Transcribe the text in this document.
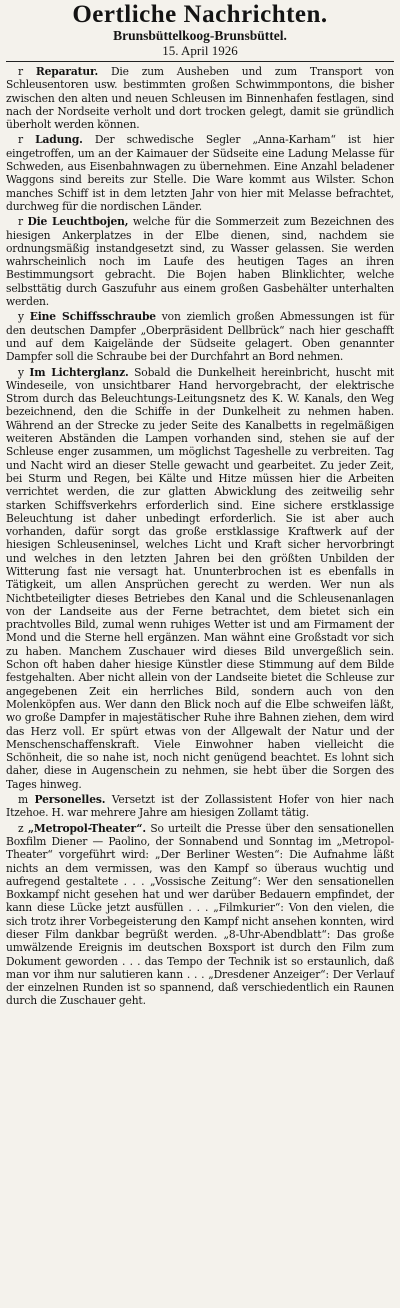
Oertliche Nachrichten.
Brunsbüttelkoog-Brunsbüttel.
15. April 1926

r Reparatur. Die zum Ausheben und zum Transport von Schleusentoren usw. bestimmten großen Schwimmpontons, die bisher zwischen den alten und neuen Schleusen im Binnenhafen festlagen, sind nach der Nordseite verholt und dort trocken gelegt, damit sie gründlich überholt werden können.

r Ladung. Der schwedische Segler „Anna-Karham“ ist hier eingetroffen, um an der Kaimauer der Südseite eine Ladung Melasse für Schweden, aus Eisenbahnwagen zu übernehmen. Eine Anzahl beladener Waggons sind bereits zur Stelle. Die Ware kommt aus Wilster. Schon manches Schiff ist in dem letzten Jahr von hier mit Melasse befrachtet, durchweg für die nordischen Länder.

r Die Leuchtbojen, welche für die Sommerzeit zum Bezeichnen des hiesigen Ankerplatzes in der Elbe dienen, sind, nachdem sie ordnungsmäßig instandgesetzt sind, zu Wasser gelassen. Sie werden wahrscheinlich noch im Laufe des heutigen Tages an ihren Bestimmungsort gebracht. Die Bojen haben Blinklichter, welche selbsttätig durch Gaszufuhr aus einem großen Gasbehälter unterhalten werden.

y Eine Schiffsschraube von ziemlich großen Abmessungen ist für den deutschen Dampfer „Oberpräsident Dellbrück“ nach hier geschafft und auf dem Kaigelände der Südseite gelagert. Oben genannter Dampfer soll die Schraube bei der Durchfahrt an Bord nehmen.

y Im Lichterglanz. Sobald die Dunkelheit hereinbricht, huscht mit Windeseile, von unsichtbarer Hand hervorgebracht, der elektrische Strom durch das Beleuchtungs-Leitungsnetz des K. W. Kanals, den Weg bezeichnend, den die Schiffe in der Dunkelheit zu nehmen haben. Während an der Strecke zu jeder Seite des Kanalbetts in regelmäßigen weiteren Abständen die Lampen vorhanden sind, stehen sie auf der Schleuse enger zusammen, um möglichst Tageshelle zu verbreiten. Tag und Nacht wird an dieser Stelle gewacht und gearbeitet. Zu jeder Zeit, bei Sturm und Regen, bei Kälte und Hitze müssen hier die Arbeiten verrichtet werden, die zur glatten Abwicklung des zeitweilig sehr starken Schiffsverkehrs erforderlich sind. Eine sichere erstklassige Beleuchtung ist daher unbedingt erforderlich. Sie ist aber auch vorhanden, dafür sorgt das große erstklassige Kraftwerk auf der hiesigen Schleuseninsel, welches Licht und Kraft sicher hervorbringt und welches in den letzten Jahren bei den größten Unbilden der Witterung fast nie versagt hat. Ununterbrochen ist es ebenfalls in Tätigkeit, um allen Ansprüchen gerecht zu werden. Wer nun als Nichtbeteiligter dieses Betriebes den Kanal und die Schleusenanlagen von der Landseite aus der Ferne betrachtet, dem bietet sich ein prachtvolles Bild, zumal wenn ruhiges Wetter ist und am Firmament der Mond und die Sterne hell ergänzen. Man wähnt eine Großstadt vor sich zu haben. Manchem Zuschauer wird dieses Bild unvergeßlich sein. Schon oft haben daher hiesige Künstler diese Stimmung auf dem Bilde festgehalten. Aber nicht allein von der Landseite bietet die Schleuse zur angegebenen Zeit ein herrliches Bild, sondern auch von den Molenköpfen aus. Wer dann den Blick noch auf die Elbe schweifen läßt, wo große Dampfer in majestätischer Ruhe ihre Bahnen ziehen, dem wird das Herz voll. Er spürt etwas von der Allgewalt der Natur und der Menschenschaffenskraft. Viele Einwohner haben vielleicht die Schönheit, die so nahe ist, noch nicht genügend beachtet. Es lohnt sich daher, diese in Augenschein zu nehmen, sie hebt über die Sorgen des Tages hinweg.

m Personelles. Versetzt ist der Zollassistent Hofer von hier nach Itzehoe. H. war mehrere Jahre am hiesigen Zollamt tätig.

z „Metropol-Theater“. So urteilt die Presse über den sensationellen Boxfilm Diener — Paolino, der Sonnabend und Sonntag im „Metropol-Theater“ vorgeführt wird: „Der Berliner Westen“: Die Aufnahme läßt nichts an dem vermissen, was den Kampf so überaus wuchtig und aufregend gestaltete . . . „Vossische Zeitung“: Wer den sensationellen Boxkampf nicht gesehen hat und wer darüber Bedauern empfindet, der kann diese Lücke jetzt ausfüllen . . . „Filmkurier“: Von den vielen, die sich trotz ihrer Vorbegeisterung den Kampf nicht ansehen konnten, wird dieser Film dankbar begrüßt werden. „8-Uhr-Abendblatt“: Das große umwälzende Ereignis im deutschen Boxsport ist durch den Film zum Dokument geworden . . . das Tempo der Technik ist so erstaunlich, daß man vor ihm nur salutieren kann . . . „Dresdener Anzeiger“: Der Verlauf der einzelnen Runden ist so spannend, daß verschiedentlich ein Raunen durch die Zuschauer geht.
